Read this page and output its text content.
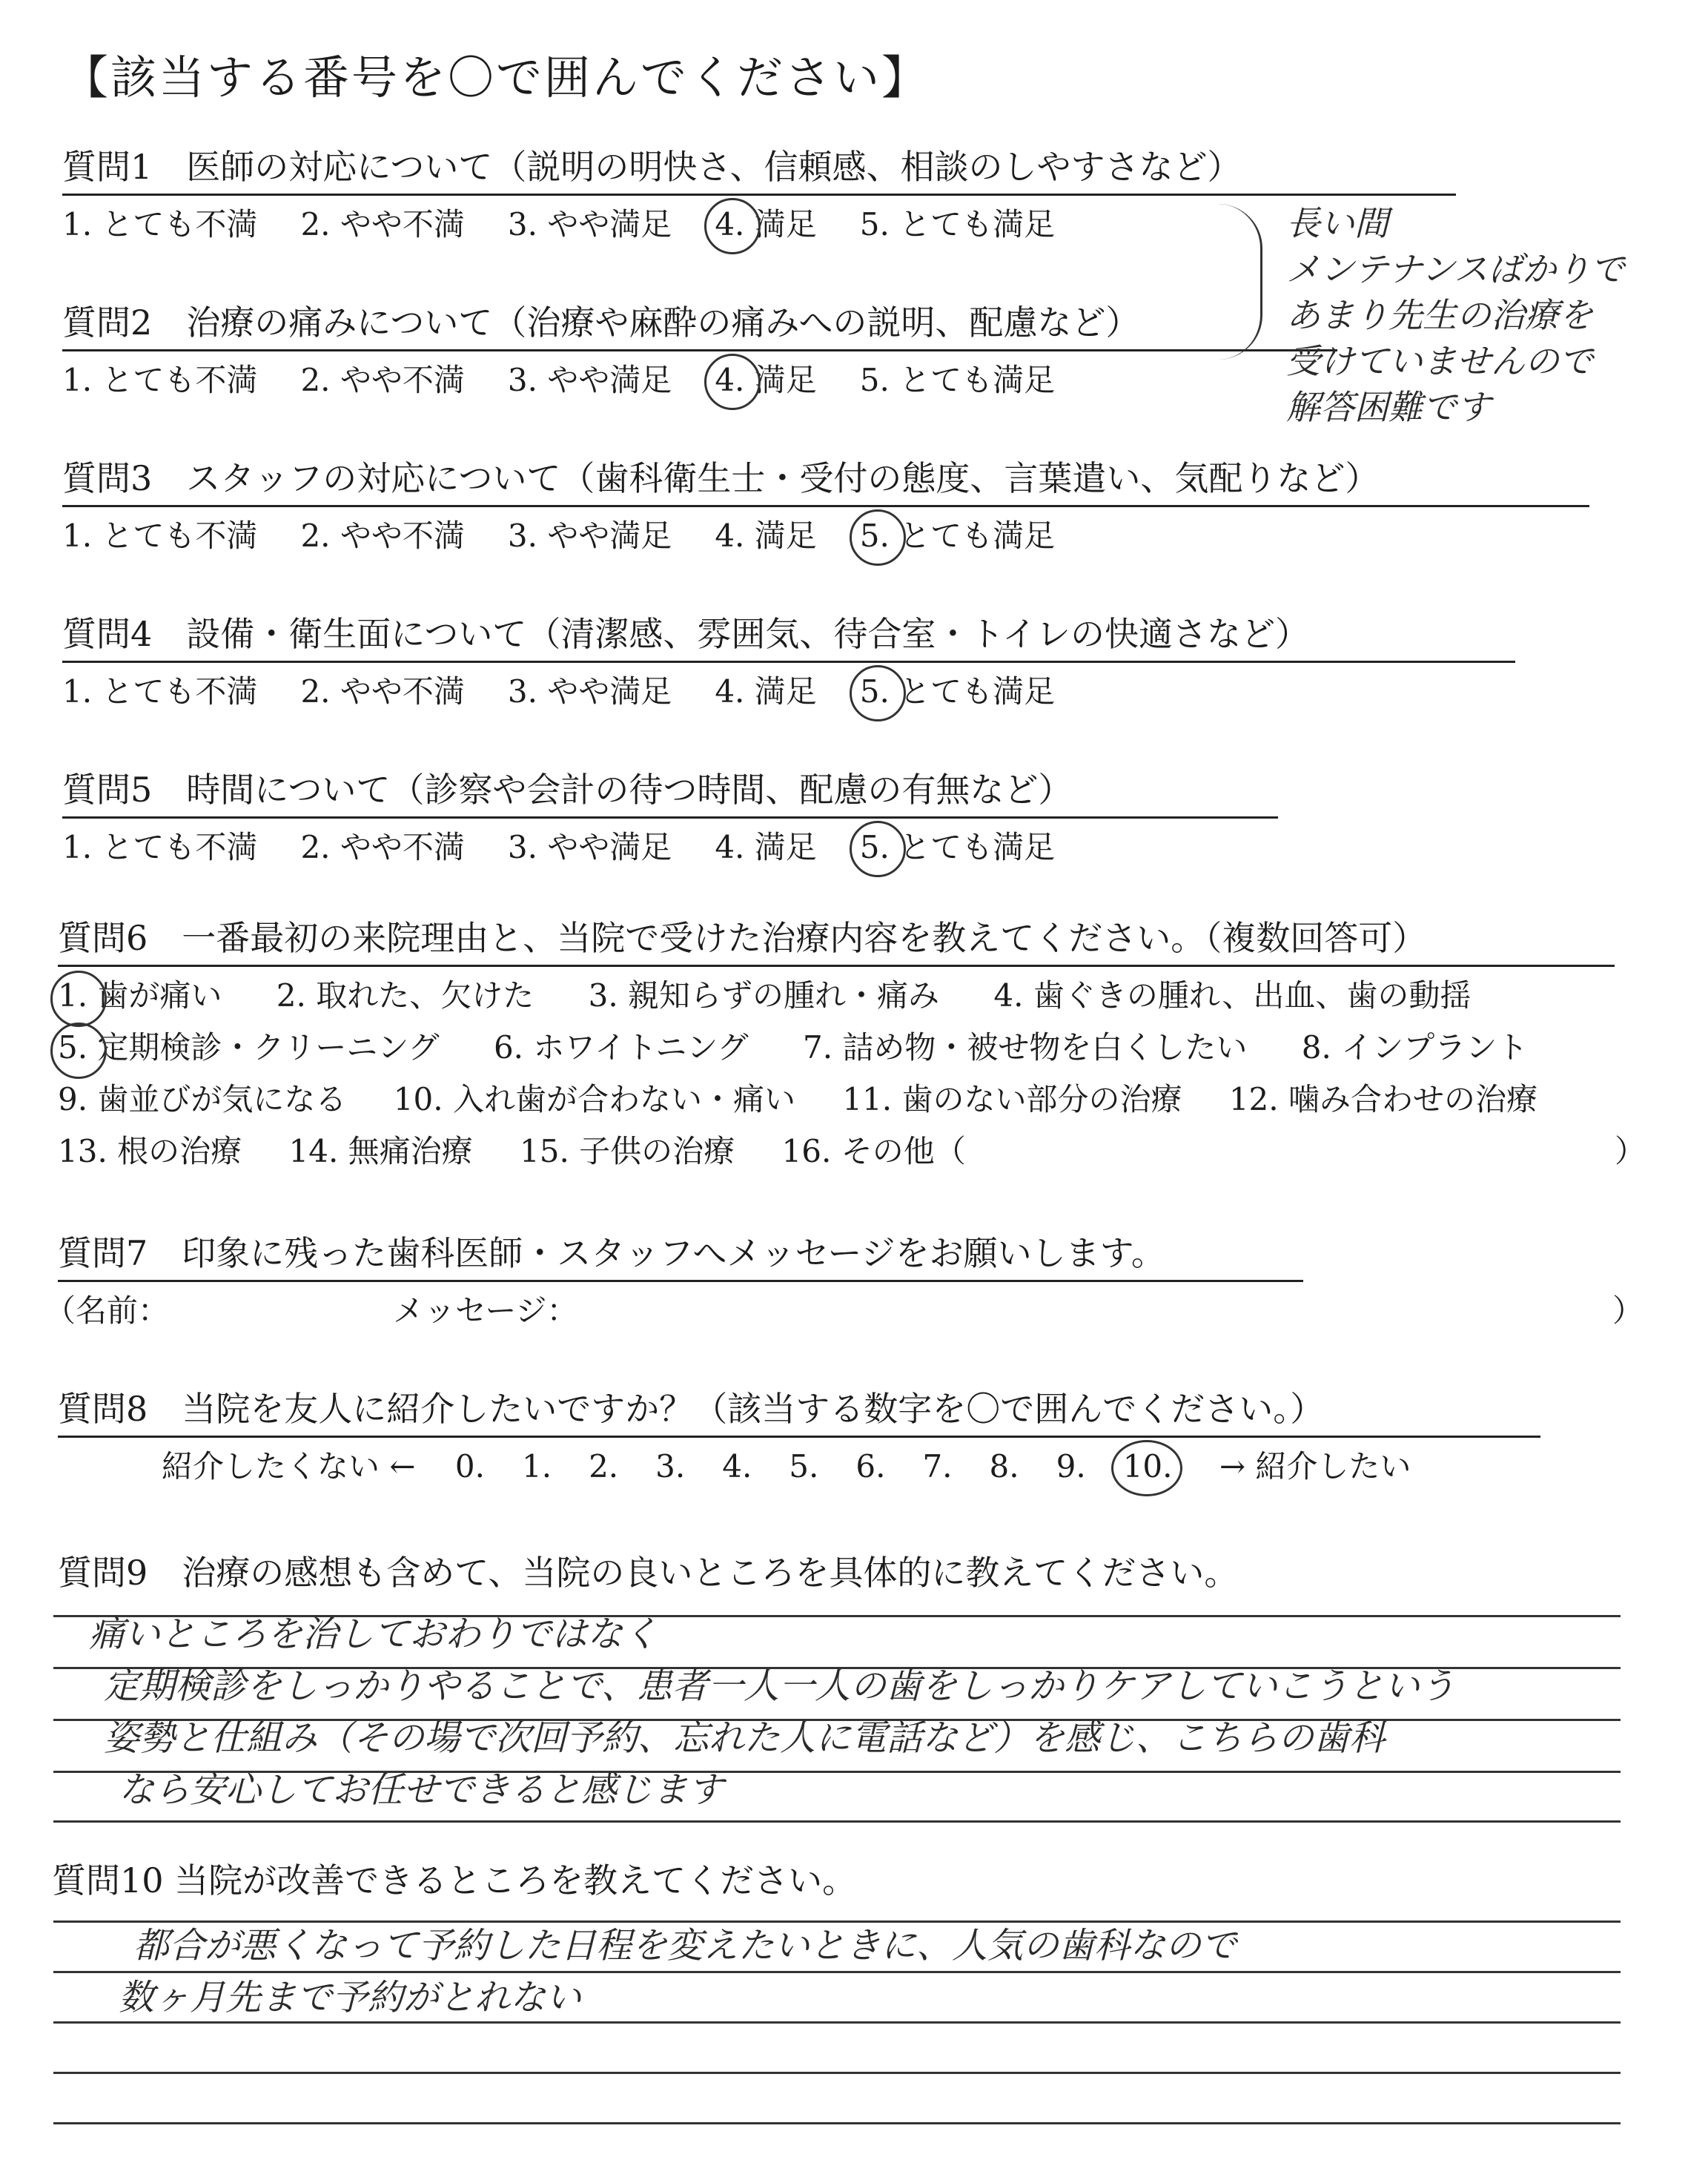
【該当する番号を〇で囲んでください】
質問1　医師の対応について（説明の明快さ、信頼感、相談のしやすさなど）
1. とても不満 2. やや不満 3. やや満足 4. 満足 5. とても満足
質問2　治療の痛みについて（治療や麻酔の痛みへの説明、配慮など）
1. とても不満 2. やや不満 3. やや満足 4. 満足 5. とても満足
質問3　スタッフの対応について（歯科衛生士・受付の態度、言葉遣い、気配りなど）
1. とても不満 2. やや不満 3. やや満足 4. 満足 5. とても満足
質問4　設備・衛生面について（清潔感、雰囲気、待合室・トイレの快適さなど）
1. とても不満 2. やや不満 3. やや満足 4. 満足 5. とても満足
質問5　時間について（診察や会計の待つ時間、配慮の有無など）
1. とても不満 2. やや不満 3. やや満足 4. 満足 5. とても満足
長い間
メンテナンスばかりで
あまり先生の治療を
受けていませんので
解答困難です
質問6　一番最初の来院理由と、当院で受けた治療内容を教えてください。（複数回答可）
1. 歯が痛い 2. 取れた、欠けた 3. 親知らずの腫れ・痛み 4. 歯ぐきの腫れ、出血、歯の動揺
5. 定期検診・クリーニング 6. ホワイトニング 7. 詰め物・被せ物を白くしたい 8. インプラント
9. 歯並びが気になる 10. 入れ歯が合わない・痛い 11. 歯のない部分の治療 12. 噛み合わせの治療
13. 根の治療 14. 無痛治療 15. 子供の治療 16. その他（	）
質問7　印象に残った歯科医師・スタッフへメッセージをお願いします。
（名前：	メッセージ：	）
質問8　当院を友人に紹介したいですか？（該当する数字を〇で囲んでください。）
紹介したくない ← 0. 1. 2. 3. 4. 5. 6. 7. 8. 9. 10. → 紹介したい
質問9　治療の感想も含めて、当院の良いところを具体的に教えてください。
痛いところを治しておわりではなく
定期検診をしっかりやることで、患者一人一人の歯をしっかりケアしていこうという
姿勢と仕組み（その場で次回予約、忘れた人に電話など）を感じ、こちらの歯科
なら安心してお任せできると感じます
質問10 当院が改善できるところを教えてください。
都合が悪くなって予約した日程を変えたいときに、人気の歯科なので
数ヶ月先まで予約がとれない
